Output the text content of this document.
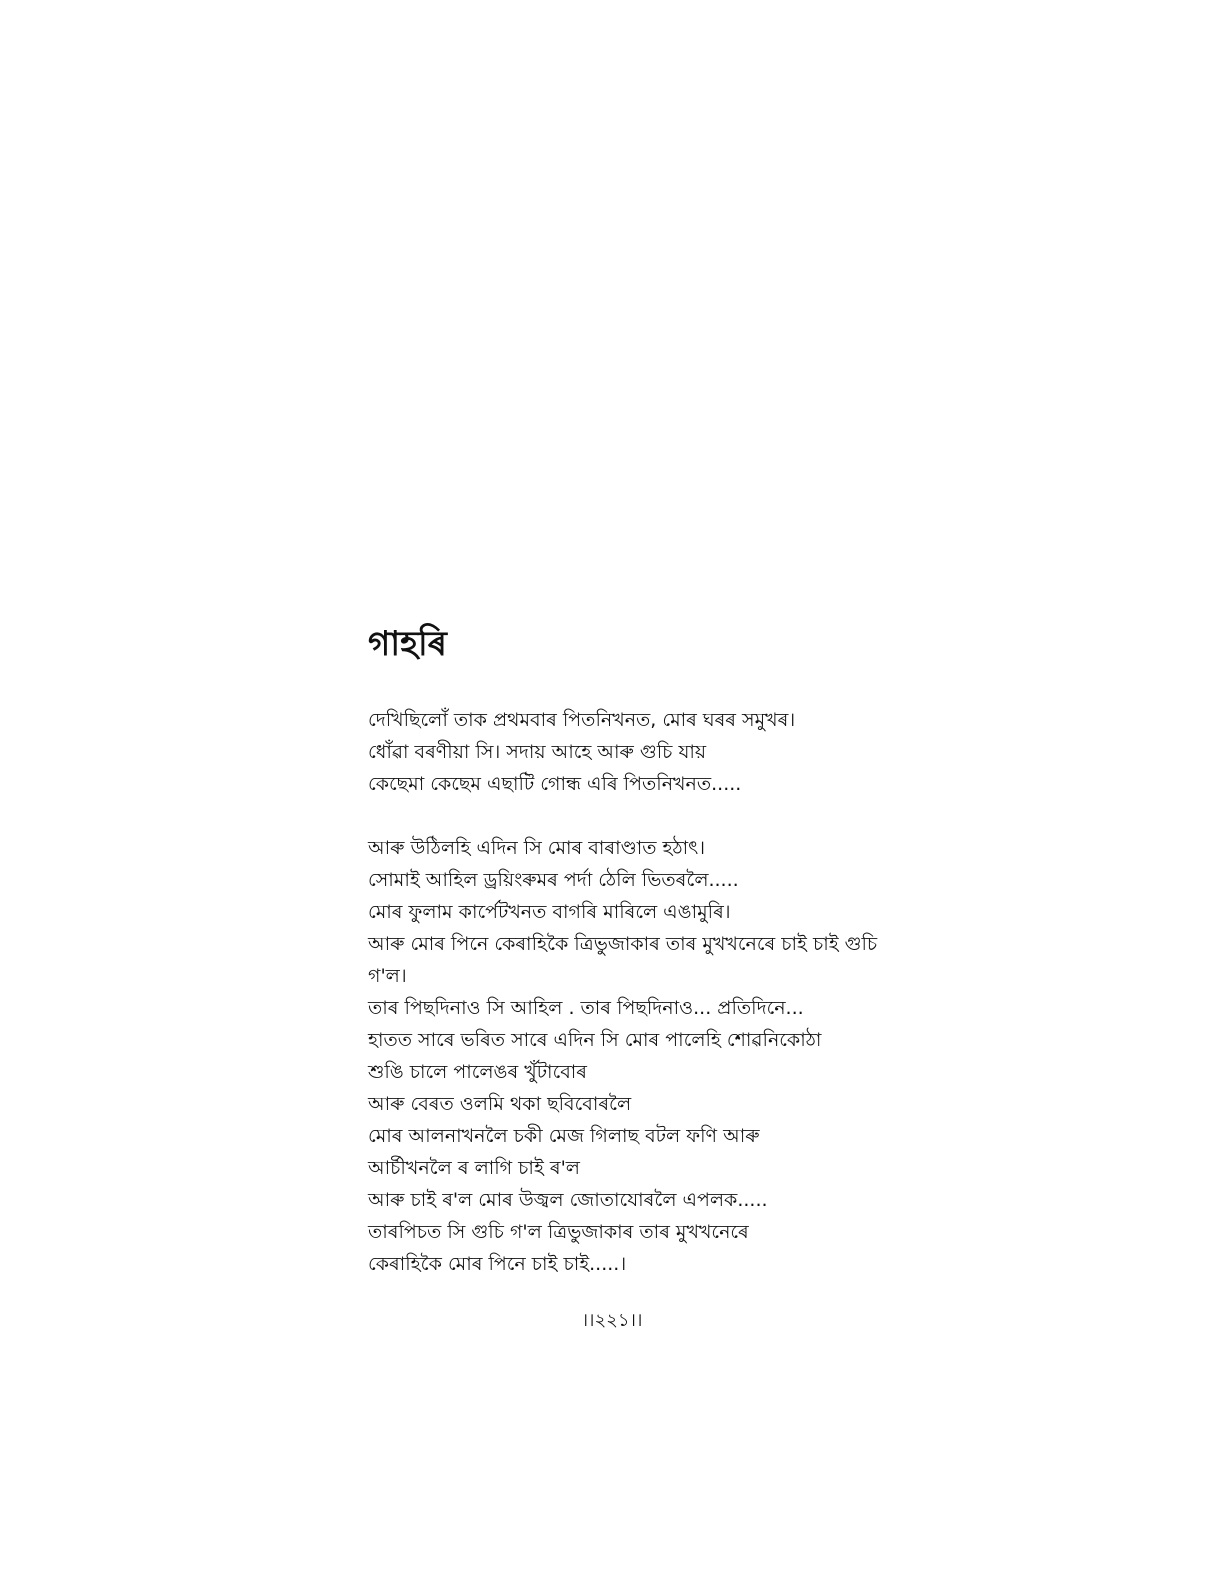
গাহৰি
দেখিছিলোঁ তাক প্ৰথমবাৰ পিতনিখনত, মোৰ ঘৰৰ সমুখৰ।
ধোঁৱা বৰণীয়া সি। সদায় আহে আৰু গুচি যায়
কেছেমা কেছেম এছাটি গোন্ধ এৰি পিতনিখনত.....
আৰু উঠিলহি এদিন সি মোৰ বাৰাণ্ডাত হঠাৎ।
সোমাই আহিল ড্ৰয়িংৰুমৰ পৰ্দা ঠেলি ভিতৰলৈ.....
মোৰ ফুলাম কাৰ্পেটখনত বাগৰি মাৰিলে এঙামুৰি।
আৰু মোৰ পিনে কেৰাহিকৈ ত্ৰিভুজাকাৰ তাৰ মুখখনেৰে চাই চাই গুচি
গ'ল।
তাৰ পিছদিনাও সি আহিল . তাৰ পিছদিনাও... প্ৰতিদিনে...
হাতত সাৰে ভৰিত সাৰে এদিন সি মোৰ পালেহি শোৱনিকোঠা
শুঙি চালে পালেঙৰ খুঁটাবোৰ
আৰু বেৰত ওলমি থকা ছবিবোৰলৈ
মোৰ আলনাখনলৈ চকী মেজ গিলাছ বটল ফণি আৰু
আৰ্চীখনলৈ ৰ লাগি চাই ৰ'ল
আৰু চাই ৰ'ল মোৰ উজ্বল জোতাযোৰলৈ এপলক.....
তাৰপিচত সি গুচি গ'ল ত্ৰিভুজাকাৰ তাৰ মুখখনেৰে
কেৰাহিকৈ মোৰ পিনে চাই চাই.....।
।।২২১।।
